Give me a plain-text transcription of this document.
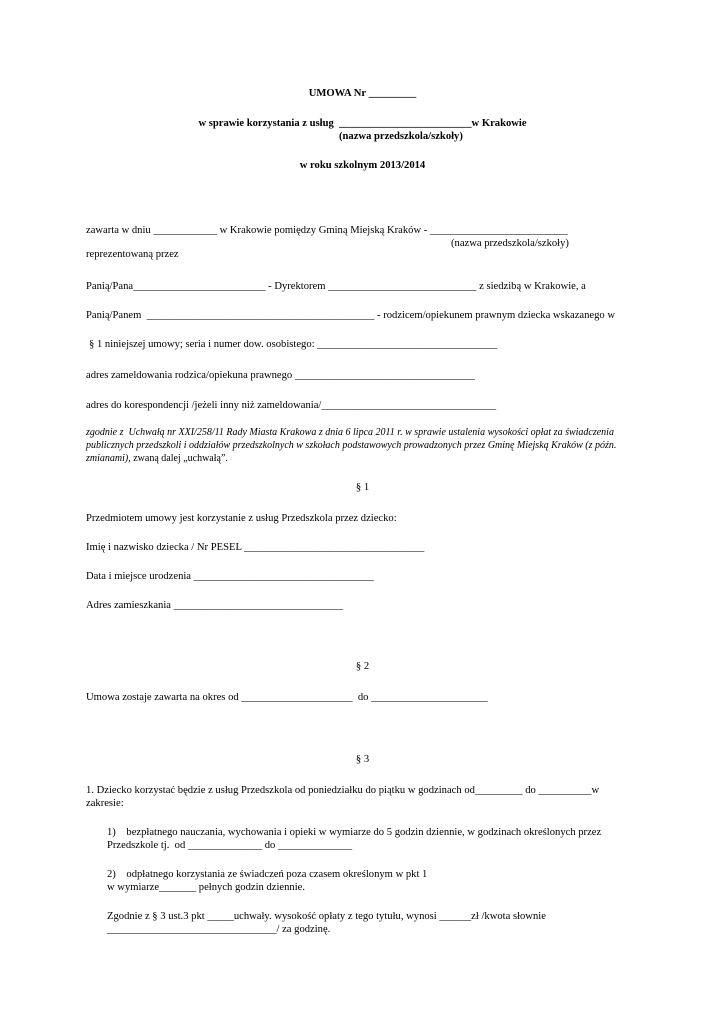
UMOWA Nr _________
w sprawie korzystania z usług  _________________________w Krakowie
(nazwa przedszkola/szkoły)
w roku szkolnym 2013/2014
zawarta w dniu ____________ w Krakowie pomiędzy Gminą Miejską Kraków - __________________________
(nazwa przedszkola/szkoły)
reprezentowaną przez
Panią/Pana_________________________ - Dyrektorem ____________________________ z siedzibą w Krakowie, a
Panią/Panem  ___________________________________________ - rodzicem/opiekunem prawnym dziecka wskazanego w
§ 1 niniejszej umowy; seria i numer dow. osobistego: __________________________________
adres zameldowania rodzica/opiekuna prawnego __________________________________
adres do korespondencji /jeżeli inny niż zameldowania/_________________________________
zgodnie z  Uchwałą nr XXI/258/11 Rady Miasta Krakowa z dnia 6 lipca 2011 r. w sprawie ustalenia wysokości opłat za świadczenia
publicznych przedszkoli i oddziałów przedszkolnych w szkołach podstawowych prowadzonych przez Gminę Miejską Kraków (z późn.
zmianami), zwaną dalej „uchwałą”.
§ 1
Przedmiotem umowy jest korzystanie z usług Przedszkola przez dziecko:
Imię i nazwisko dziecka / Nr PESEL __________________________________
Data i miejsce urodzenia __________________________________
Adres zamieszkania ________________________________
§ 2
Umowa zostaje zawarta na okres od _____________________  do ______________________
§ 3
1. Dziecko korzystać będzie z usług Przedszkola od poniedziałku do piątku w godzinach od_________ do __________w
zakresie:
1)    bezpłatnego nauczania, wychowania i opieki w wymiarze do 5 godzin dziennie, w godzinach określonych przez
Przedszkole tj.  od ______________ do ______________
2)    odpłatnego korzystania ze świadczeń poza czasem określonym w pkt 1
w wymiarze_______ pełnych godzin dziennie.
Zgodnie z § 3 ust.3 pkt _____uchwały. wysokość opłaty z tego tytułu, wynosi ______zł /kwota słownie
________________________________/ za godzinę.
